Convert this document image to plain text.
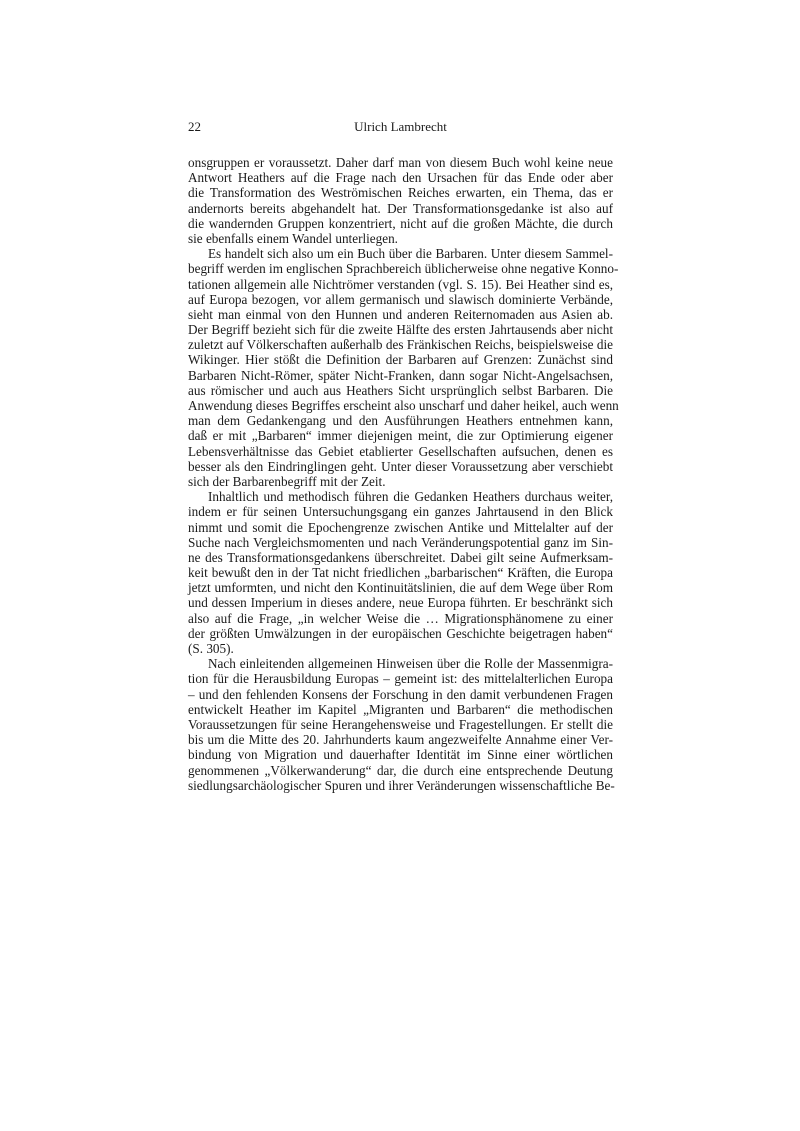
22	Ulrich Lambrecht
onsgruppen er voraussetzt. Daher darf man von diesem Buch wohl keine neue
Antwort Heathers auf die Frage nach den Ursachen für das Ende oder aber
die Transformation des Weströmischen Reiches erwarten, ein Thema, das er
andernorts bereits abgehandelt hat. Der Transformationsgedanke ist also auf
die wandernden Gruppen konzentriert, nicht auf die großen Mächte, die durch
sie ebenfalls einem Wandel unterliegen.
Es handelt sich also um ein Buch über die Barbaren. Unter diesem Sammel-
begriff werden im englischen Sprachbereich üblicherweise ohne negative Konno-
tationen allgemein alle Nichtrömer verstanden (vgl. S. 15). Bei Heather sind es,
auf Europa bezogen, vor allem germanisch und slawisch dominierte Verbände,
sieht man einmal von den Hunnen und anderen Reiternomaden aus Asien ab.
Der Begriff bezieht sich für die zweite Hälfte des ersten Jahrtausends aber nicht
zuletzt auf Völkerschaften außerhalb des Fränkischen Reichs, beispielsweise die
Wikinger. Hier stößt die Definition der Barbaren auf Grenzen: Zunächst sind
Barbaren Nicht-Römer, später Nicht-Franken, dann sogar Nicht-Angelsachsen,
aus römischer und auch aus Heathers Sicht ursprünglich selbst Barbaren. Die
Anwendung dieses Begriffes erscheint also unscharf und daher heikel, auch wenn
man dem Gedankengang und den Ausführungen Heathers entnehmen kann,
daß er mit „Barbaren“ immer diejenigen meint, die zur Optimierung eigener
Lebensverhältnisse das Gebiet etablierter Gesellschaften aufsuchen, denen es
besser als den Eindringlingen geht. Unter dieser Voraussetzung aber verschiebt
sich der Barbarenbegriff mit der Zeit.
Inhaltlich und methodisch führen die Gedanken Heathers durchaus weiter,
indem er für seinen Untersuchungsgang ein ganzes Jahrtausend in den Blick
nimmt und somit die Epochengrenze zwischen Antike und Mittelalter auf der
Suche nach Vergleichsmomenten und nach Veränderungspotential ganz im Sin-
ne des Transformationsgedankens überschreitet. Dabei gilt seine Aufmerksam-
keit bewußt den in der Tat nicht friedlichen „barbarischen“ Kräften, die Europa
jetzt umformten, und nicht den Kontinuitätslinien, die auf dem Wege über Rom
und dessen Imperium in dieses andere, neue Europa führten. Er beschränkt sich
also auf die Frage, „in welcher Weise die … Migrationsphänomene zu einer
der größten Umwälzungen in der europäischen Geschichte beigetragen haben“
(S. 305).
Nach einleitenden allgemeinen Hinweisen über die Rolle der Massenmigra-
tion für die Herausbildung Europas – gemeint ist: des mittelalterlichen Europa
– und den fehlenden Konsens der Forschung in den damit verbundenen Fragen
entwickelt Heather im Kapitel „Migranten und Barbaren“ die methodischen
Voraussetzungen für seine Herangehensweise und Fragestellungen. Er stellt die
bis um die Mitte des 20. Jahrhunderts kaum angezweifelte Annahme einer Ver-
bindung von Migration und dauerhafter Identität im Sinne einer wörtlichen
genommenen „Völkerwanderung“ dar, die durch eine entsprechende Deutung
siedlungsarchäologischer Spuren und ihrer Veränderungen wissenschaftliche Be-
